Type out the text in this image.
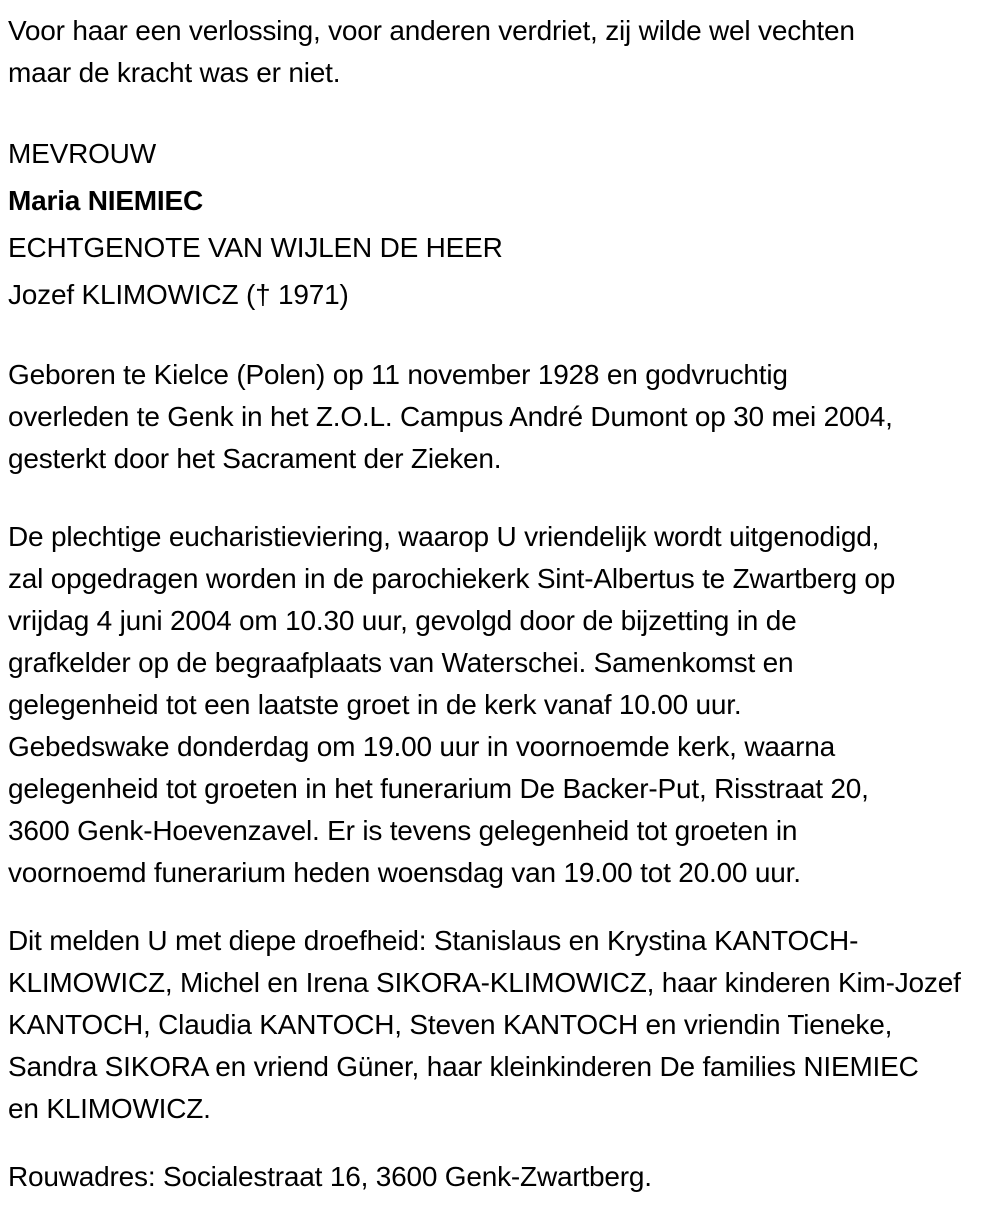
Voor haar een verlossing, voor anderen verdriet, zij wilde wel vechten
maar de kracht was er niet.

MEVROUW
Maria NIEMIEC
ECHTGENOTE VAN WIJLEN DE HEER
Jozef KLIMOWICZ († 1971)

Geboren te Kielce (Polen) op 11 november 1928 en godvruchtig
overleden te Genk in het Z.O.L. Campus André Dumont op 30 mei 2004,
gesterkt door het Sacrament der Zieken.

De plechtige eucharistieviering, waarop U vriendelijk wordt uitgenodigd,
zal opgedragen worden in de parochiekerk Sint-Albertus te Zwartberg op
vrijdag 4 juni 2004 om 10.30 uur, gevolgd door de bijzetting in de
grafkelder op de begraafplaats van Waterschei. Samenkomst en
gelegenheid tot een laatste groet in de kerk vanaf 10.00 uur.
Gebedswake donderdag om 19.00 uur in voornoemde kerk, waarna
gelegenheid tot groeten in het funerarium De Backer-Put, Risstraat 20,
3600 Genk-Hoevenzavel. Er is tevens gelegenheid tot groeten in
voornoemd funerarium heden woensdag van 19.00 tot 20.00 uur.

Dit melden U met diepe droefheid: Stanislaus en Krystina KANTOCH-
KLIMOWICZ, Michel en Irena SIKORA-KLIMOWICZ, haar kinderen Kim-Jozef
KANTOCH, Claudia KANTOCH, Steven KANTOCH en vriendin Tieneke,
Sandra SIKORA en vriend Güner, haar kleinkinderen De families NIEMIEC
en KLIMOWICZ.

Rouwadres: Socialestraat 16, 3600 Genk-Zwartberg.
